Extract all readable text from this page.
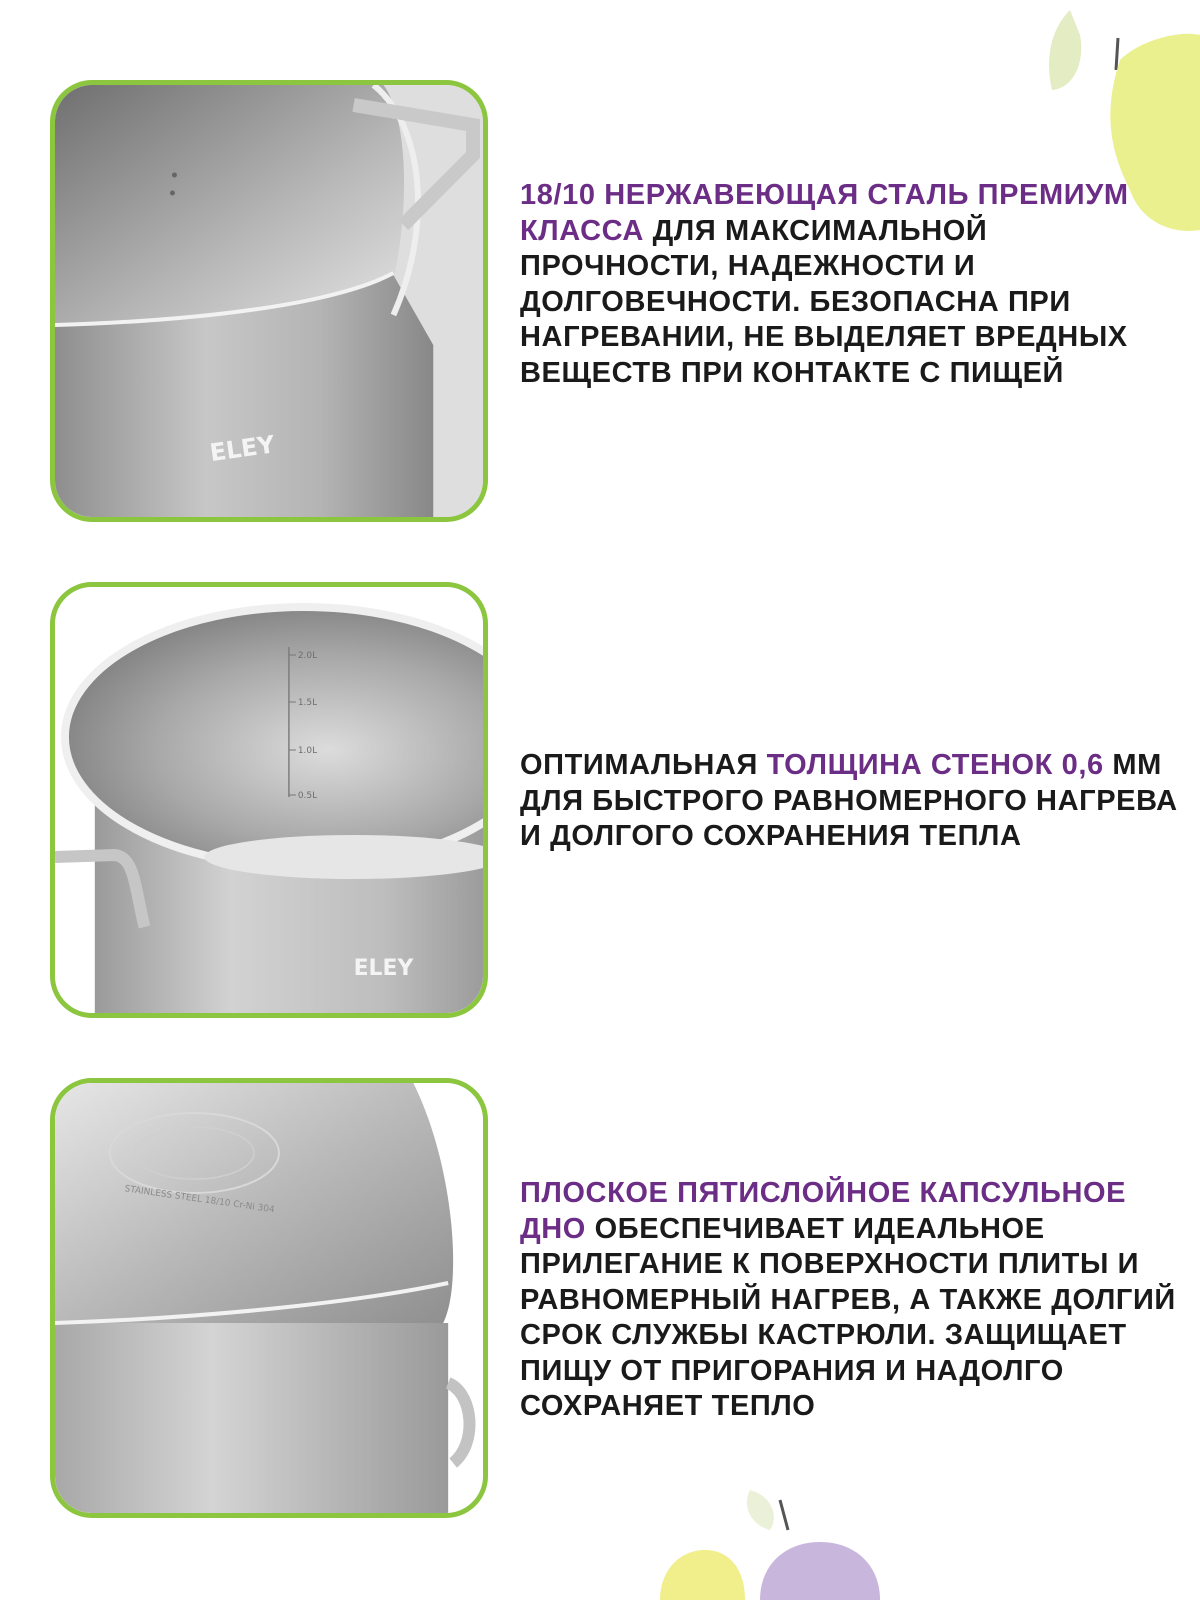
ELEY
2.0L
1.5L
1.0L
0.5L
ELEY
STAINLESS STEEL 18/10 Cr-Ni 304

18/10 НЕРЖАВЕЮЩАЯ СТАЛЬ ПРЕМИУМ КЛАССА ДЛЯ МАКСИМАЛЬНОЙ ПРОЧНОСТИ, НАДЕЖНОСТИ И ДОЛГОВЕЧНОСТИ. БЕЗОПАСНА ПРИ НАГРЕВАНИИ, НЕ ВЫДЕЛЯЕТ ВРЕДНЫХ ВЕЩЕСТВ ПРИ КОНТАКТЕ С ПИЩЕЙ

ОПТИМАЛЬНАЯ ТОЛЩИНА СТЕНОК 0,6 ММ ДЛЯ БЫСТРОГО РАВНОМЕРНОГО НАГРЕВА И ДОЛГОГО СОХРАНЕНИЯ ТЕПЛА

ПЛОСКОЕ ПЯТИСЛОЙНОЕ КАПСУЛЬНОЕ ДНО ОБЕСПЕЧИВАЕТ ИДЕАЛЬНОЕ ПРИЛЕГАНИЕ К ПОВЕРХНОСТИ ПЛИТЫ И РАВНОМЕРНЫЙ НАГРЕВ, А ТАКЖЕ ДОЛГИЙ СРОК СЛУЖБЫ КАСТРЮЛИ. ЗАЩИЩАЕТ ПИЩУ ОТ ПРИГОРАНИЯ И НАДОЛГО СОХРАНЯЕТ ТЕПЛО
